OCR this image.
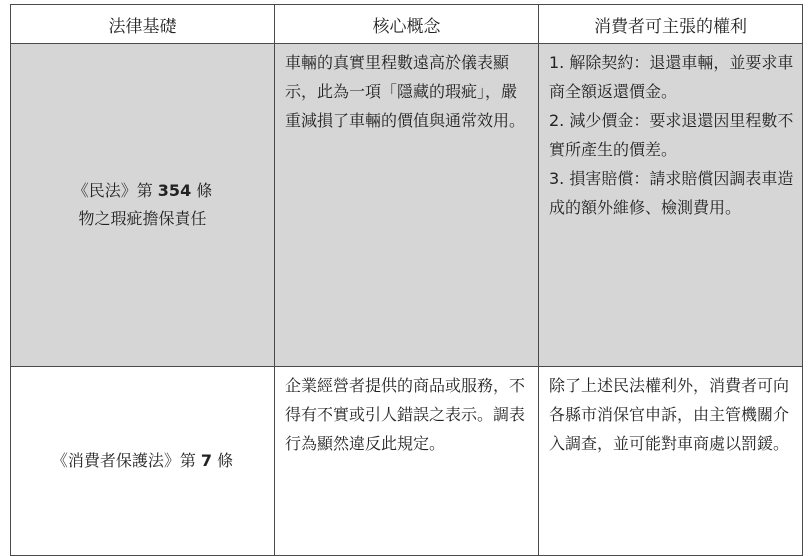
法律基礎	核心概念	消費者可主張的權利
《民法》第 354 條
物之瑕疵擔保責任	車輛的真實里程數遠高於儀表顯示，此為一項「隱藏的瑕疵」，嚴重減損了車輛的價值與通常效用。	1. 解除契約：退還車輛，並要求車商全額返還價金。
2. 減少價金：要求退還因里程數不實所產生的價差。
3. 損害賠償：請求賠償因調表車造成的額外維修、檢測費用。

《消費者保護法》第 7 條	企業經營者提供的商品或服務，不得有不實或引人錯誤之表示。調表行為顯然違反此規定。	除了上述民法權利外，消費者可向各縣市消保官申訴，由主管機關介入調查，並可能對車商處以罰鍰。
